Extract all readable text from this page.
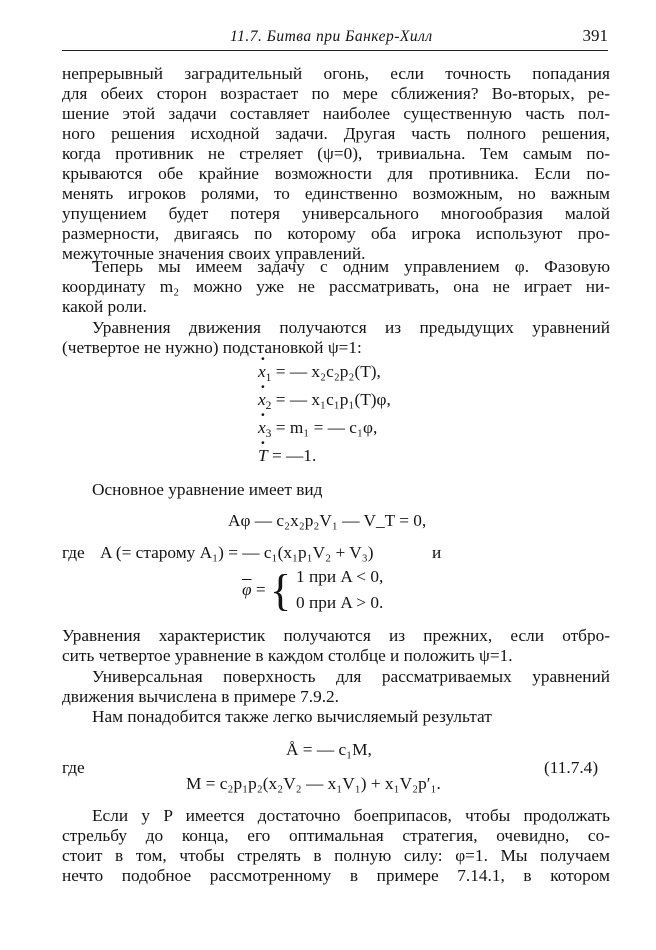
11.7. Битва при Банкер-Хилл	391
непрерывный заградительный огонь, если точность попадания
для обеих сторон возрастает по мере сближения? Во-вторых, ре-
шение этой задачи составляет наиболее существенную часть пол-
ного решения исходной задачи. Другая часть полного решения,
когда противник не стреляет (ψ=0), тривиальна. Тем самым по-
крываются обе крайние возможности для противника. Если по-
менять игроков ролями, то единственно возможным, но важным
упущением будет потеря универсального многообразия малой
размерности, двигаясь по которому оба игрока используют про-
межуточные значения своих управлений.
Теперь мы имеем задачу с одним управлением φ. Фазовую
координату m₂ можно уже не рассматривать, она не играет ни-
какой роли.
Уравнения движения получаются из предыдущих уравнений
(четвертое не нужно) подстановкой ψ=1:
· $x_1$ = — x₂c₂p₂(T),
· $x_2$ = — x₁c₁p₁(T)φ,
· $x_3 = m_1$ = — c₁φ,
· T = —1.
Основное уравнение имеет вид
Aφ — c₂x₂p₂V₁ — V_T = 0,
где A (= старому A₁) = — c₁(x₁p₁V₂ + V₃)	и
$\overline{\varphi}$ = { 1 при A < 0,
0 при A > 0.
Уравнения характеристик получаются из прежних, если отбро-
сить четвертое уравнение в каждом столбце и положить ψ=1.
Универсальная поверхность для рассматриваемых уравнений
движения вычислена в примере 7.9.2.
Нам понадобится также легко вычисляемый результат
Å = — c₁M,
где
M = c₂p₁p₂(x₂V₂ — x₁V₁) + x₁V₂p′₁.
(11.7.4)
Если у P имеется достаточно боеприпасов, чтобы продолжать
стрельбу до конца, его оптимальная стратегия, очевидно, со-
стоит в том, чтобы стрелять в полную силу: φ=1. Мы получаем
нечто подобное рассмотренному в примере 7.14.1, в котором
